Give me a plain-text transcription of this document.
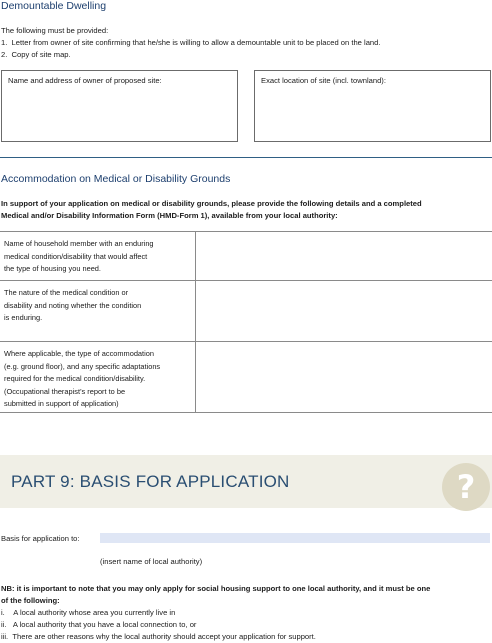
Demountable Dwelling
The following must be provided:
1.  Letter from owner of site confirming that he/she is willing to allow a demountable unit to be placed on the land.
2.  Copy of site map.
Name and address of owner of proposed site:	Exact location of site (incl. townland):
Accommodation on Medical or Disability Grounds
In support of your application on medical or disability grounds, please provide the following details and a completed
Medical and/or Disability Information Form (HMD-Form 1), available from your local authority:
Name of household member with an enduring
medical condition/disability that would affect
the type of housing you need.
The nature of the medical condition or
disability and noting whether the condition
is enduring.
Where applicable, the type of accommodation
(e.g. ground floor), and any specific adaptations
required for the medical condition/disability.
(Occupational therapist’s report to be
submitted in support of application)
PART 9: BASIS FOR APPLICATION	?
Basis for application to:
(insert name of local authority)
NB: it is important to note that you may only apply for social housing support to one local authority, and it must be one
of the following:
i.    A local authority whose area you currently live in
ii.   A local authority that you have a local connection to, or
iii.  There are other reasons why the local authority should accept your application for support.
